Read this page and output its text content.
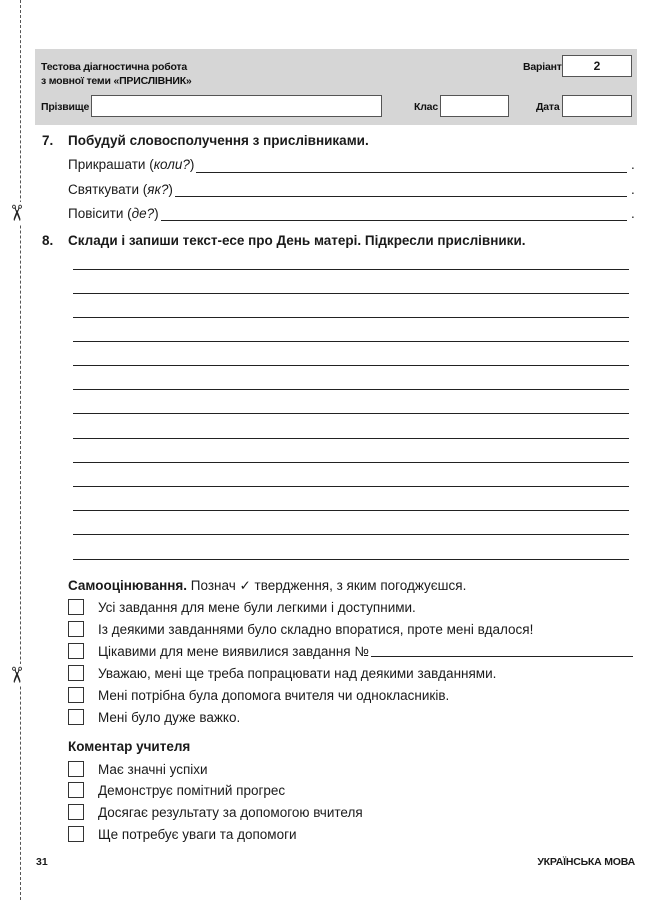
✂
✂
Тестова діагностична робота
з мовної теми «ПРИСЛІВНИК»
Варіант	2
Прізвище	Клас	Дата
7. Побудуй словосполучення з прислівниками.
Прикрашати (коли?)	.
Святкувати (як?)	.
Повісити (де?)	.
8. Склади і запиши текст-есе про День матері. Підкресли прислівники.
Самооцінювання. Познач ✓ твердження, з яким погоджуєшся.
Усі завдання для мене були легкими і доступними.
Із деякими завданнями було складно впоратися, проте мені вдалося!
Цікавими для мене виявилися завдання №
Уважаю, мені ще треба попрацювати над деякими завданнями.
Мені потрібна була допомога вчителя чи однокласників.
Мені було дуже важко.
Коментар учителя
Має значні успіхи
Демонструє помітний прогрес
Досягає результату за допомогою вчителя
Ще потребує уваги та допомоги
31	УКРАЇНСЬКА МОВА
